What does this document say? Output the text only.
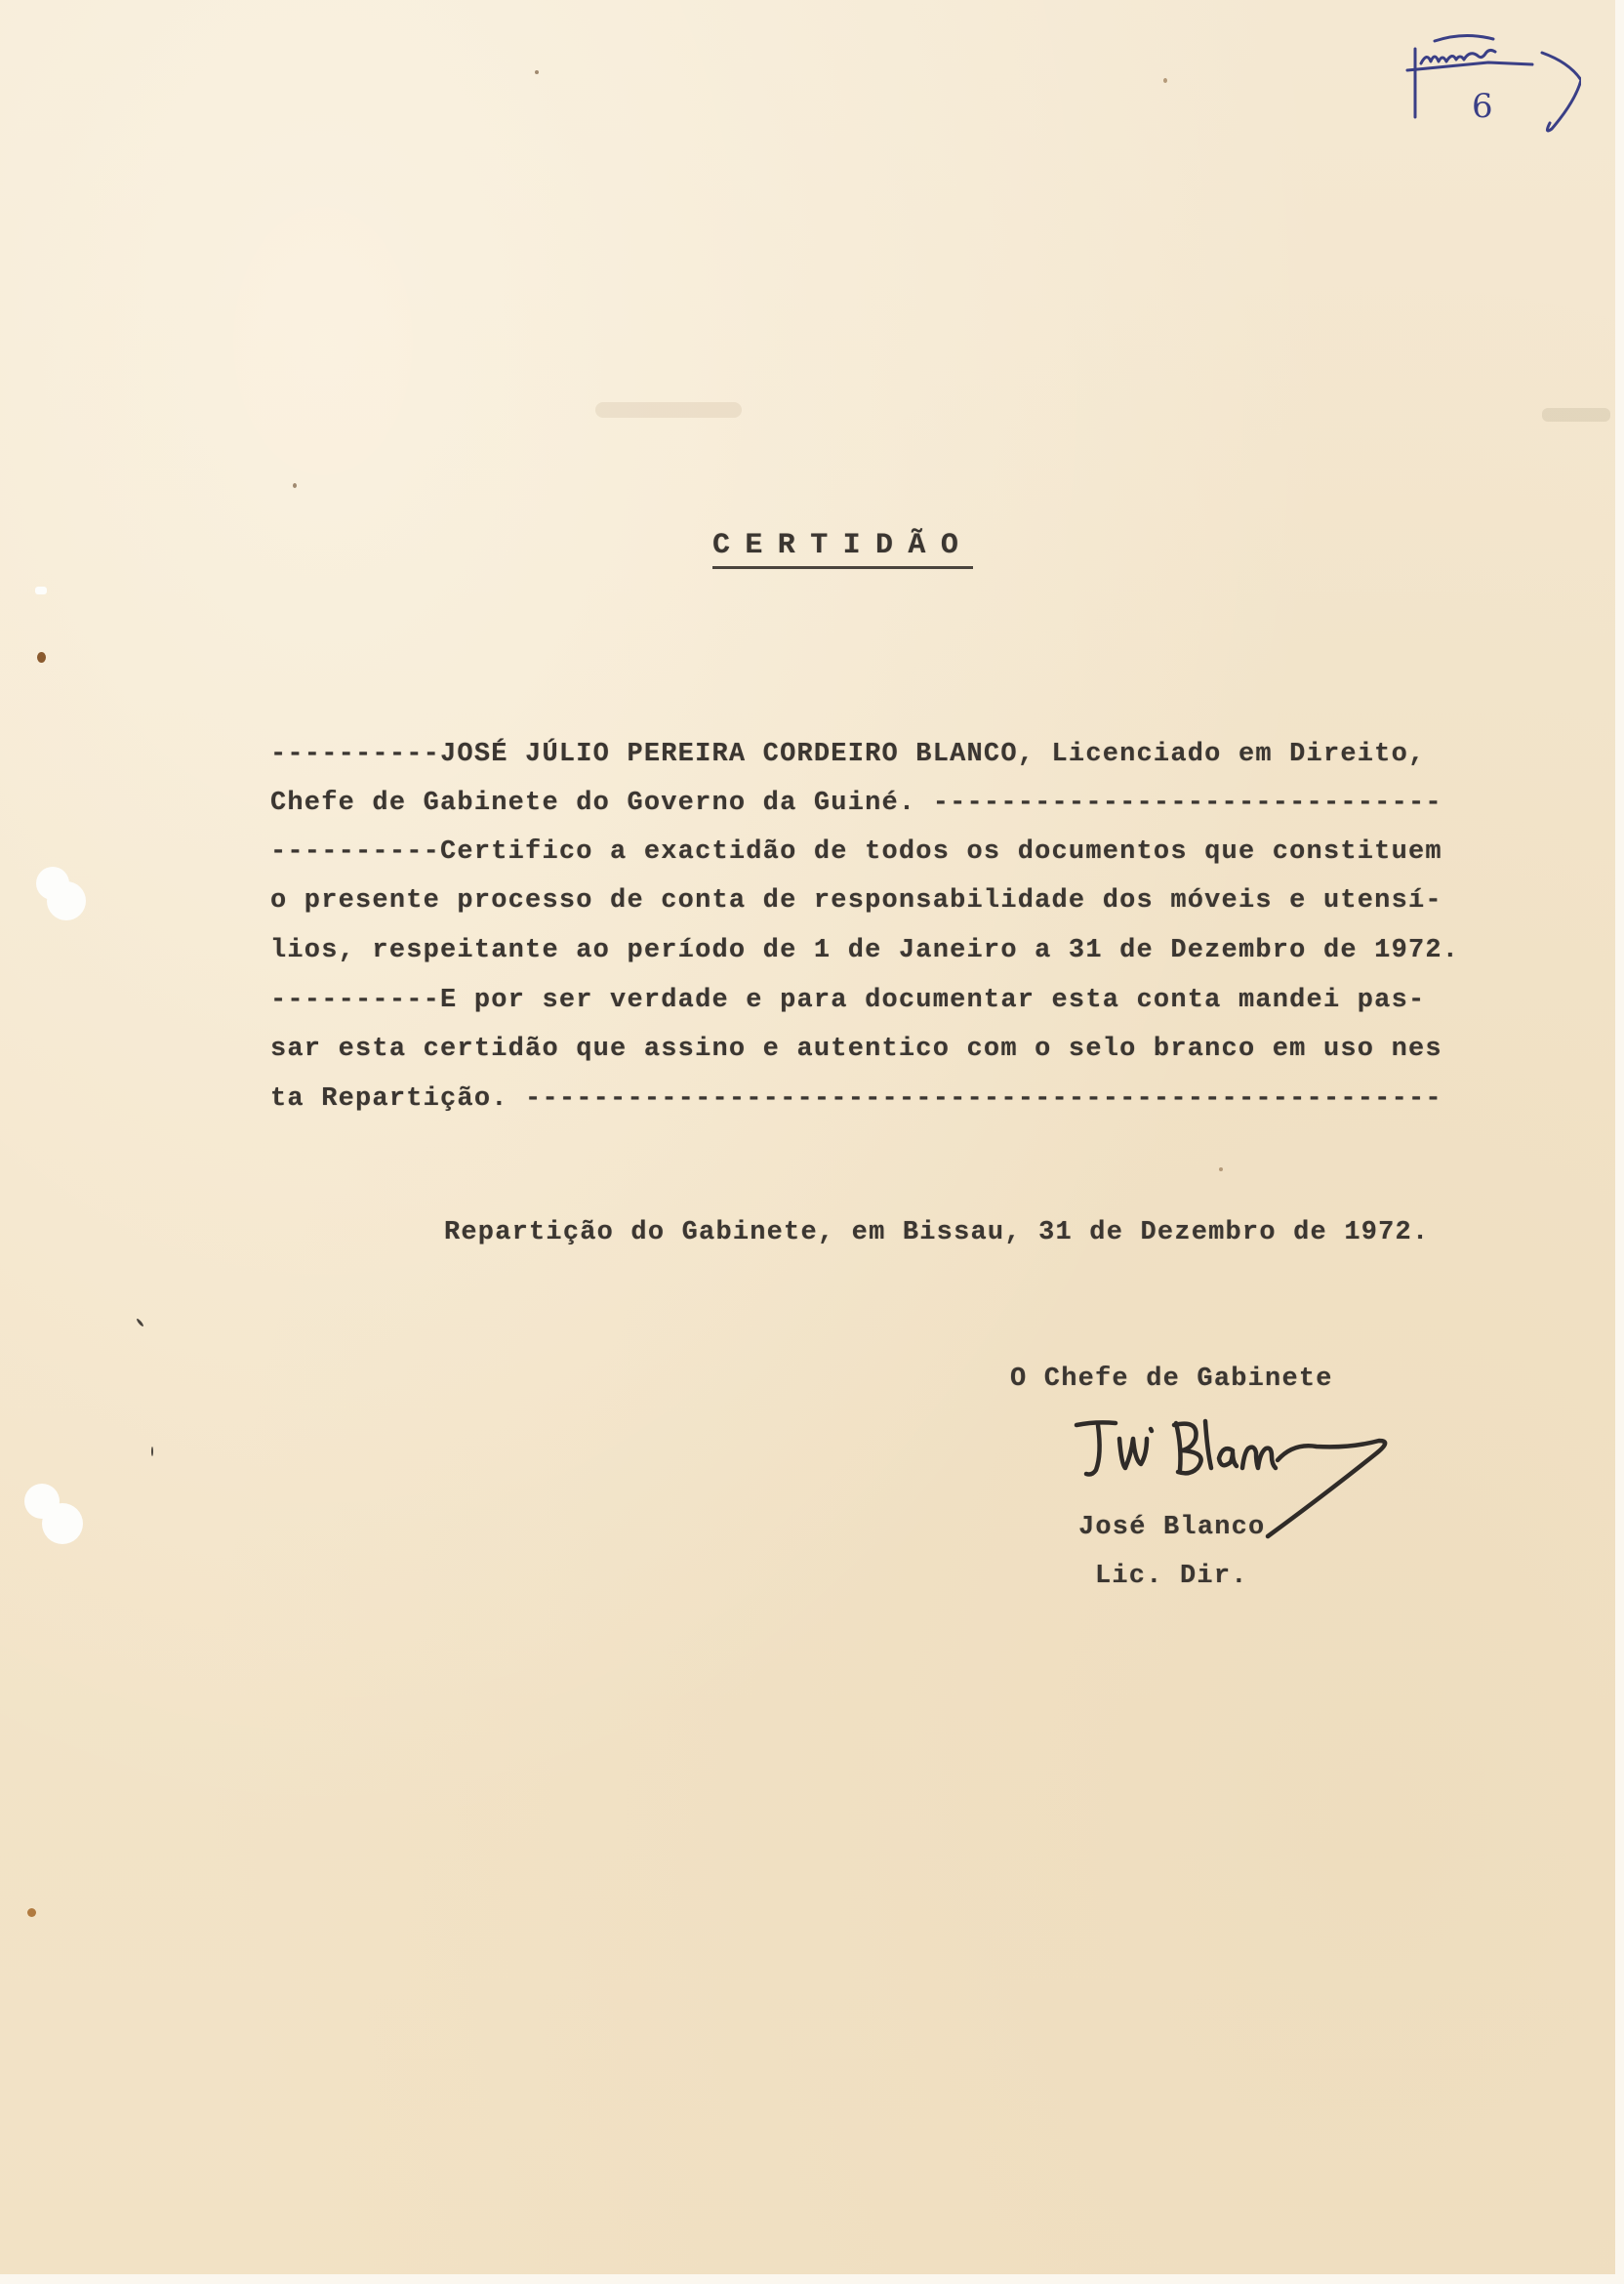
6
CERTIDÃO
----------JOSÉ JÚLIO PEREIRA CORDEIRO BLANCO, Licenciado em Direito,
Chefe de Gabinete do Governo da Guiné. ------------------------------
----------Certifico a exactidão de todos os documentos que constituem
o presente processo de conta de responsabilidade dos móveis e utensí-
lios, respeitante ao período de 1 de Janeiro a 31 de Dezembro de 1972.
----------E por ser verdade e para documentar esta conta mandei pas-
sar esta certidão que assino e autentico com o selo branco em uso nes
ta Repartição. ------------------------------------------------------
Repartição do Gabinete, em Bissau, 31 de Dezembro de 1972.
O Chefe de Gabinete
José Blanco
Lic. Dir.
